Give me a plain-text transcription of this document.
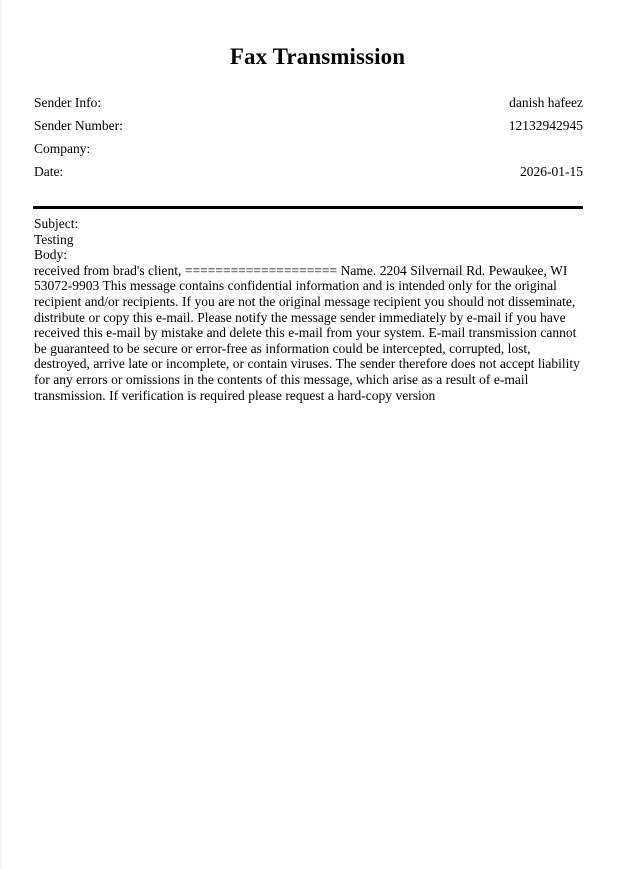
Fax Transmission
Sender Info:	danish hafeez
Sender Number:	12132942945
Company:
Date:	2026-01-15
Subject:
Testing
Body:
received from brad's client, ==================== Name. 2204 Silvernail Rd. Pewaukee, WI 53072-9903 This message contains confidential information and is intended only for the original recipient and/or recipients. If you are not the original message recipient you should not disseminate, distribute or copy this e-mail. Please notify the message sender immediately by e-mail if you have received this e-mail by mistake and delete this e-mail from your system. E-mail transmission cannot be guaranteed to be secure or error-free as information could be intercepted, corrupted, lost, destroyed, arrive late or incomplete, or contain viruses. The sender therefore does not accept liability for any errors or omissions in the contents of this message, which arise as a result of e-mail transmission. If verification is required please request a hard-copy version
